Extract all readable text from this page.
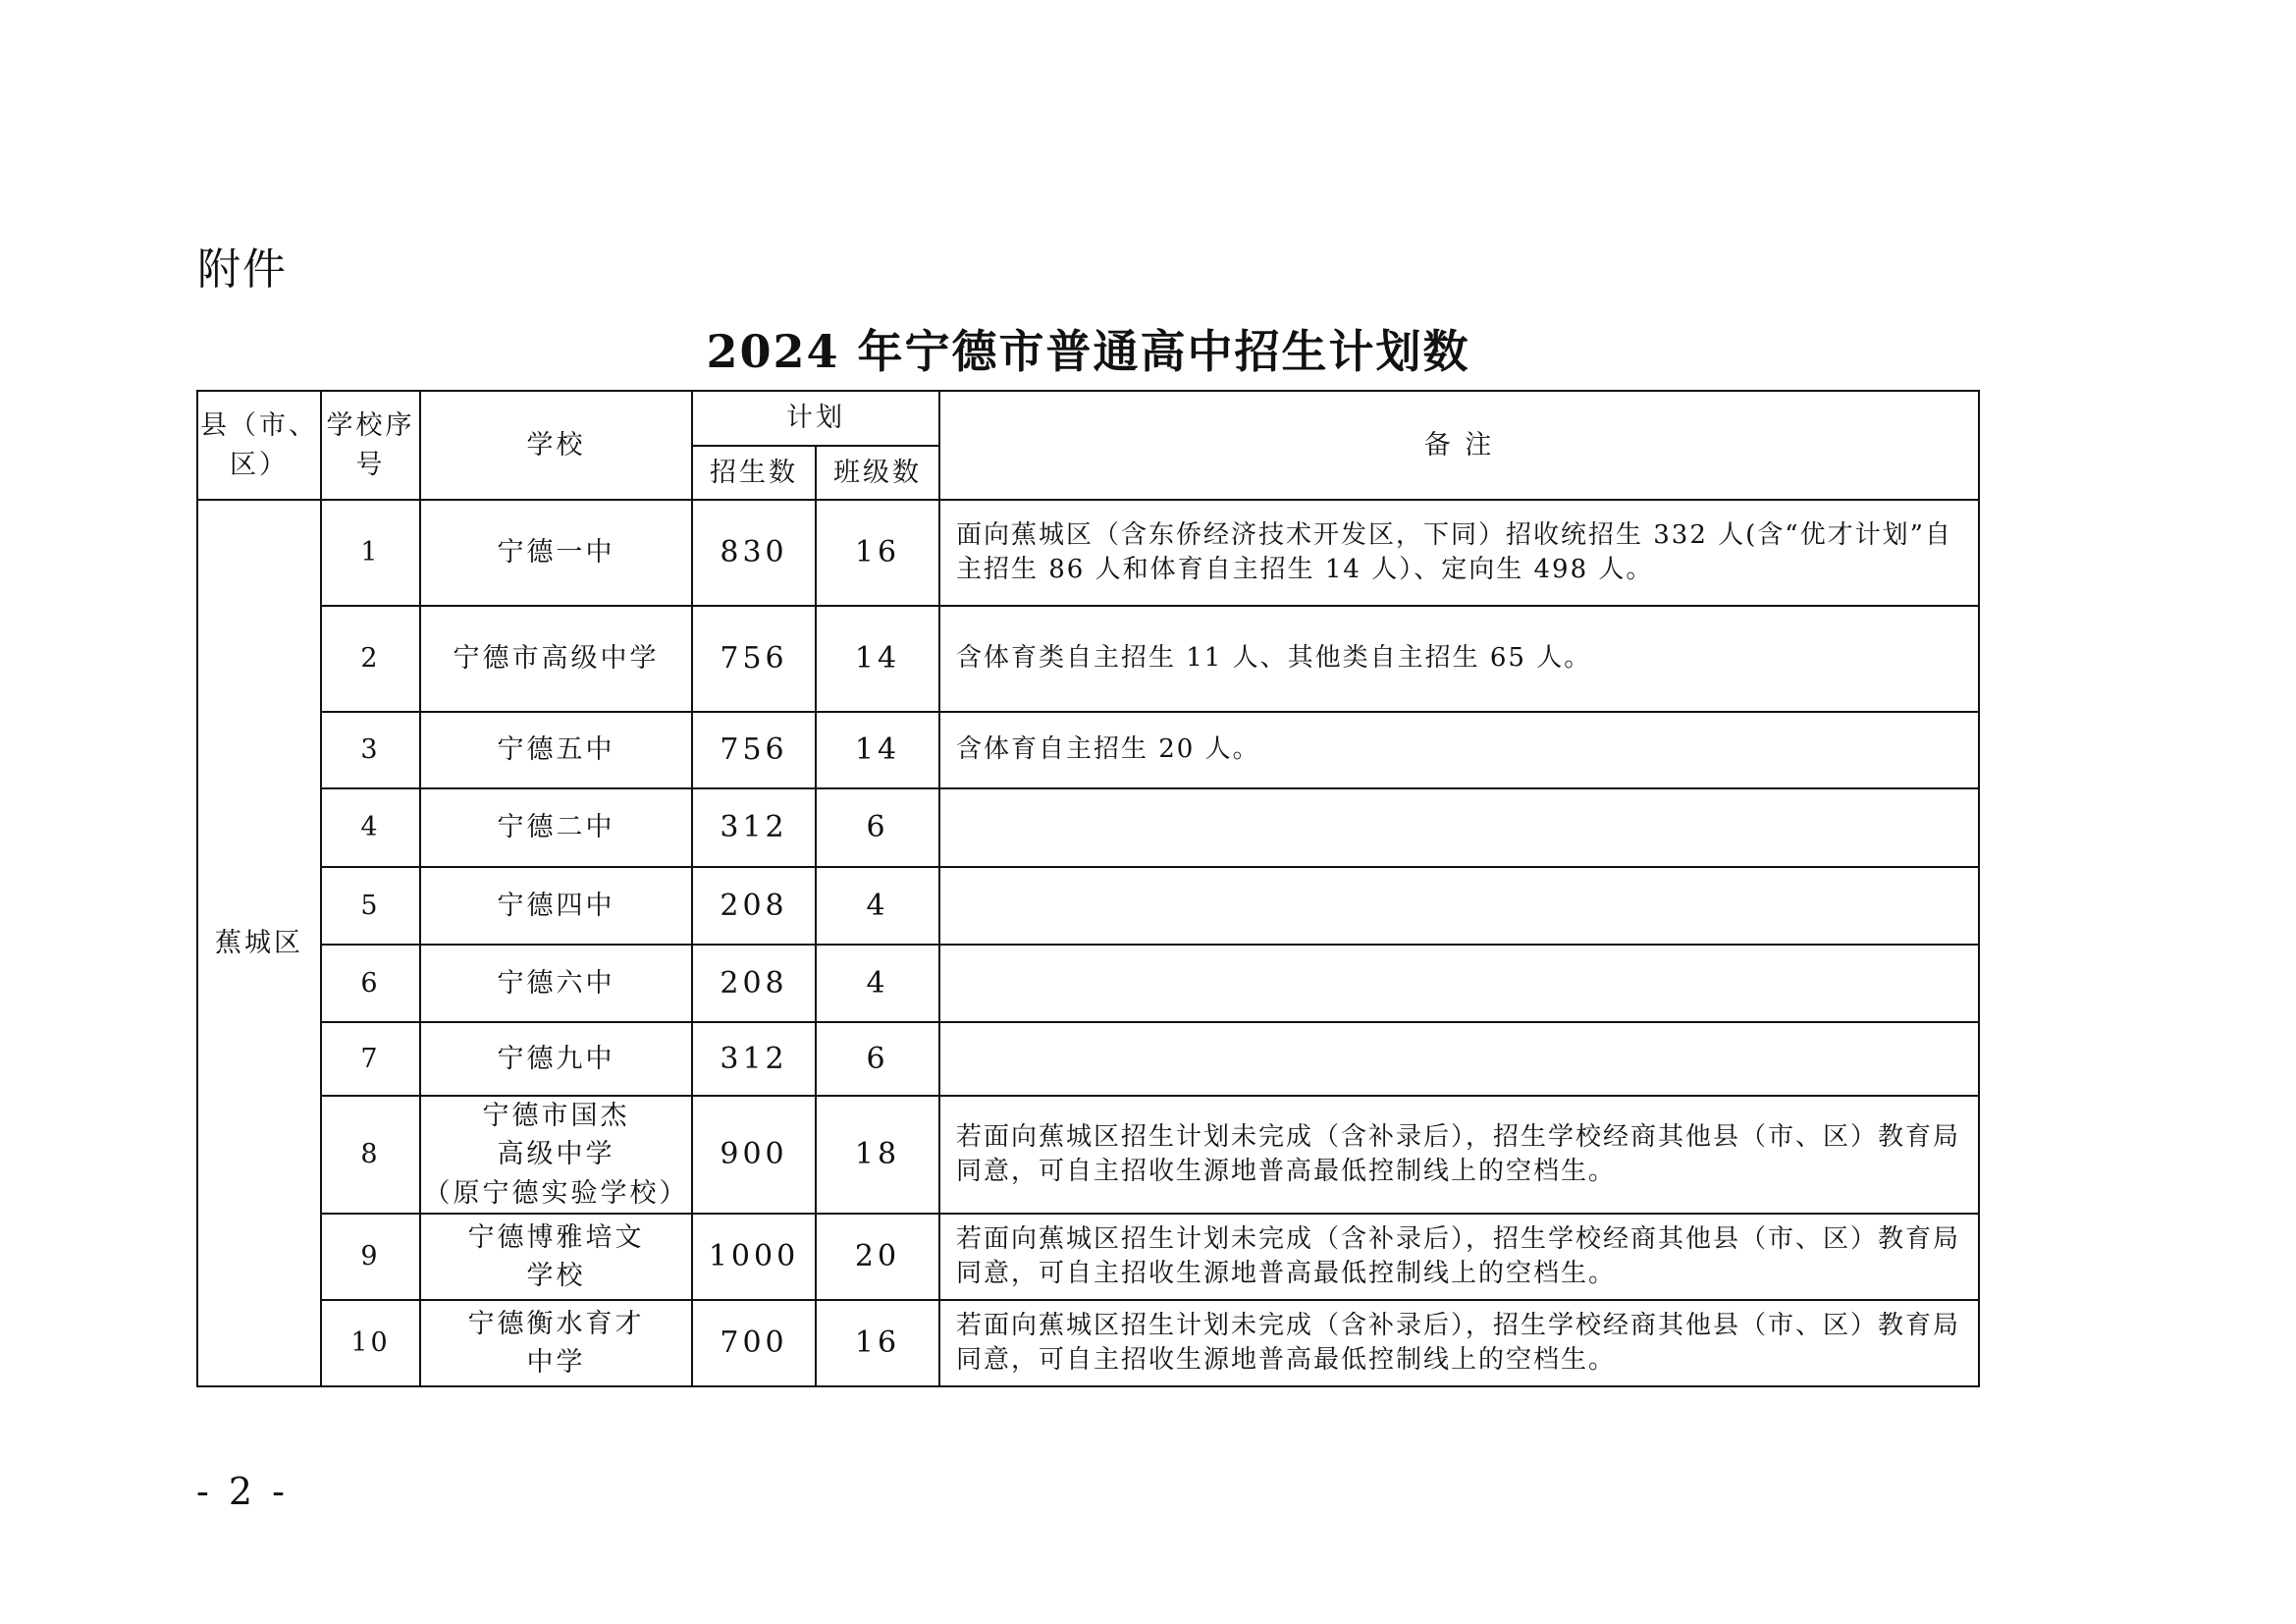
附件
2024 年宁德市普通高中招生计划数
县（市、区）	学校序号	学校	计划		备 注
			招生数	班级数	
蕉城区	1	宁德一中	830	16	面向蕉城区（含东侨经济技术开发区，下同）招收统招生 332 人(含“优才计划”自主招生 86 人和体育自主招生 14 人）、定向生 498 人。
	2	宁德市高级中学	756	14	含体育类自主招生 11 人、其他类自主招生 65 人。
	3	宁德五中	756	14	含体育自主招生 20 人。
	4	宁德二中	312	6	
	5	宁德四中	208	4	
	6	宁德六中	208	4	
	7	宁德九中	312	6	
	8	宁德市国杰
高级中学
（原宁德实验学校）	900	18	若面向蕉城区招生计划未完成（含补录后），招生学校经商其他县（市、区）教育局同意，可自主招收生源地普高最低控制线上的空档生。
	9	宁德博雅培文
学校	1000	20	若面向蕉城区招生计划未完成（含补录后），招生学校经商其他县（市、区）教育局同意，可自主招收生源地普高最低控制线上的空档生。
	10	宁德衡水育才
中学	700	16	若面向蕉城区招生计划未完成（含补录后），招生学校经商其他县（市、区）教育局同意，可自主招收生源地普高最低控制线上的空档生。
- 2 -
